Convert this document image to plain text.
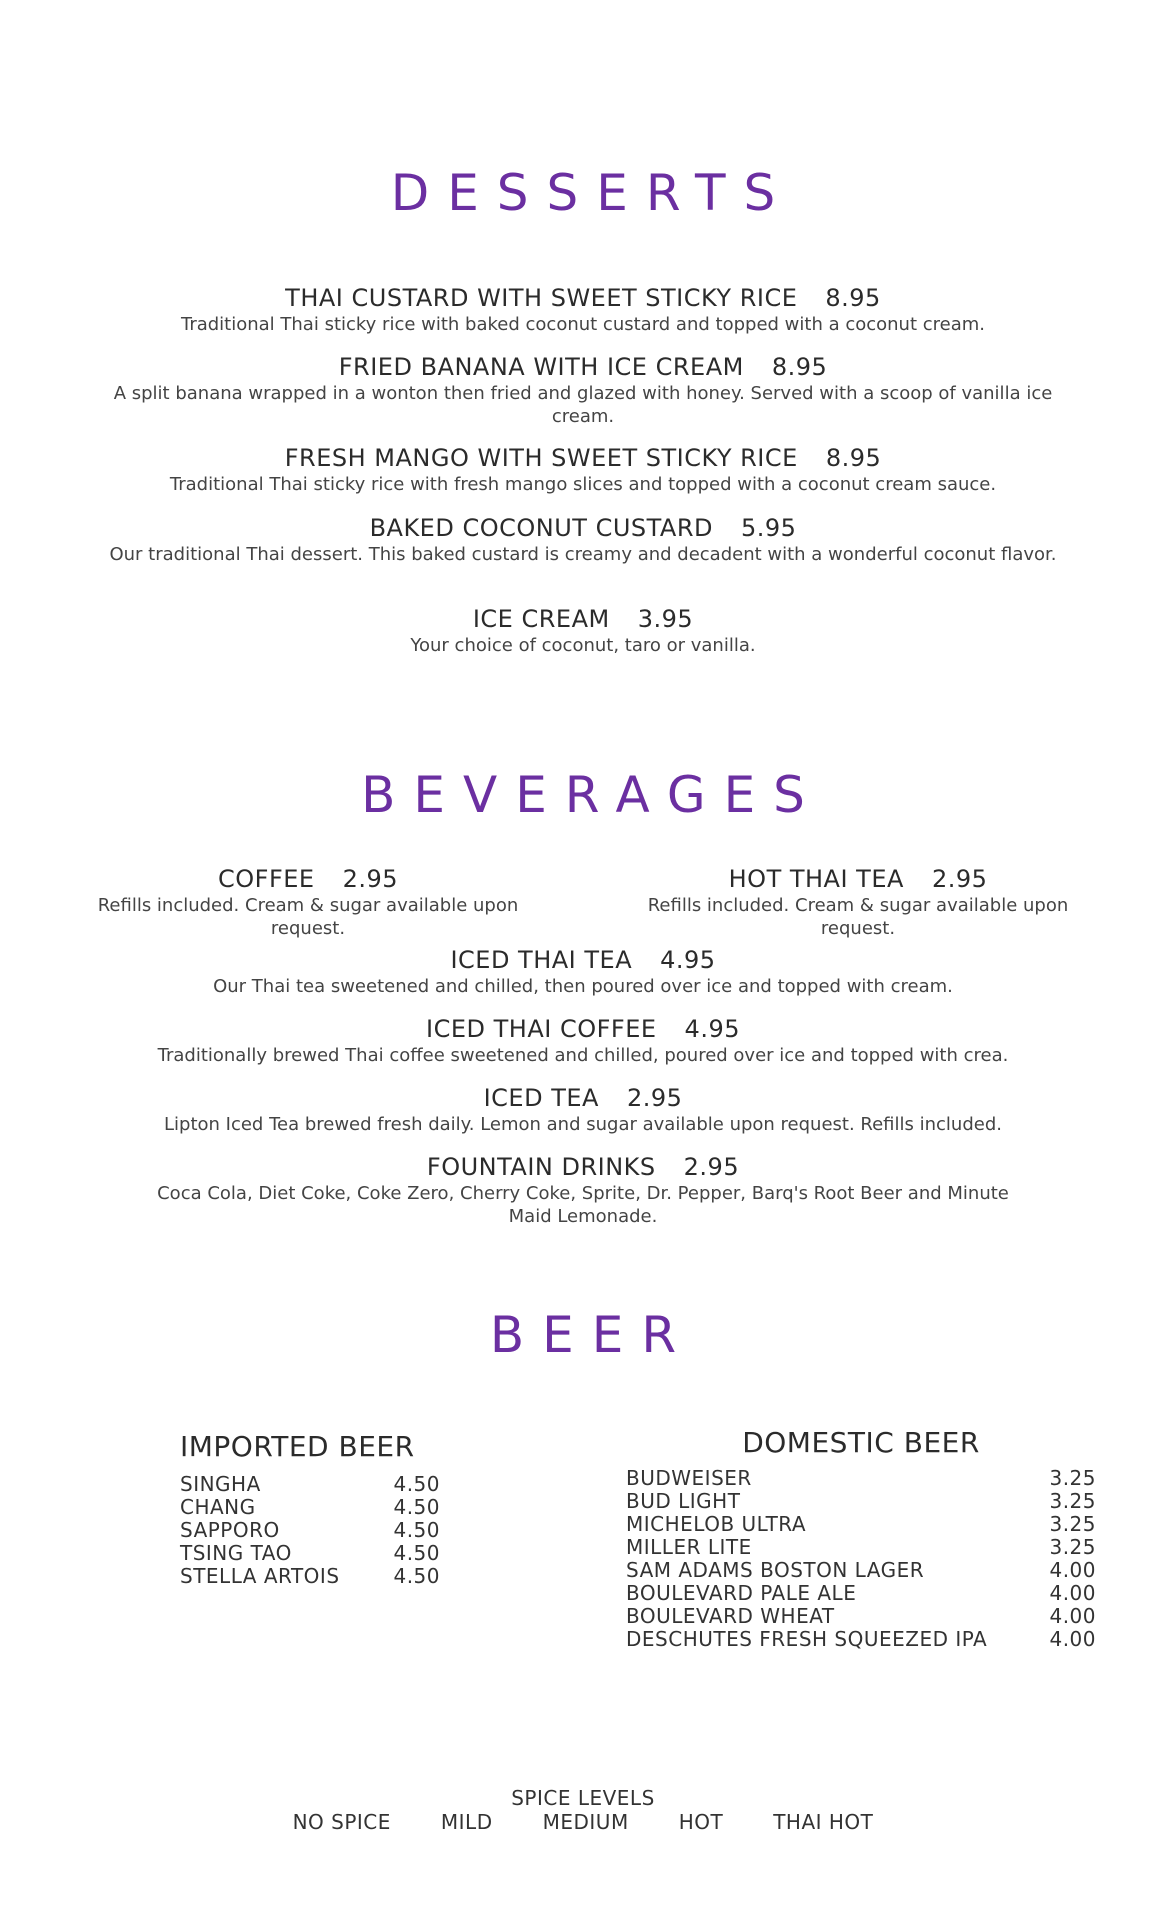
DESSERTS
THAI CUSTARD WITH SWEET STICKY RICE 8.95
Traditional Thai sticky rice with baked coconut custard and topped with a coconut cream.
FRIED BANANA WITH ICE CREAM 8.95
A split banana wrapped in a wonton then fried and glazed with honey. Served with a scoop of vanilla ice cream.
FRESH MANGO WITH SWEET STICKY RICE 8.95
Traditional Thai sticky rice with fresh mango slices and topped with a coconut cream sauce.
BAKED COCONUT CUSTARD 5.95
Our traditional Thai dessert. This baked custard is creamy and decadent with a wonderful coconut flavor.
ICE CREAM 3.95
Your choice of coconut, taro or vanilla.
BEVERAGES
COFFEE 2.95
Refills included. Cream & sugar available upon request.
HOT THAI TEA 2.95
Refills included. Cream & sugar available upon request.
ICED THAI TEA 4.95
Our Thai tea sweetened and chilled, then poured over ice and topped with cream.
ICED THAI COFFEE 4.95
Traditionally brewed Thai coffee sweetened and chilled, poured over ice and topped with crea.
ICED TEA 2.95
Lipton Iced Tea brewed fresh daily. Lemon and sugar available upon request. Refills included.
FOUNTAIN DRINKS 2.95
Coca Cola, Diet Coke, Coke Zero, Cherry Coke, Sprite, Dr. Pepper, Barq's Root Beer and Minute Maid Lemonade.
BEER
IMPORTED BEER
SINGHA	4.50
CHANG	4.50
SAPPORO	4.50
TSING TAO	4.50
STELLA ARTOIS	4.50
DOMESTIC BEER
BUDWEISER	3.25
BUD LIGHT	3.25
MICHELOB ULTRA	3.25
MILLER LITE	3.25
SAM ADAMS BOSTON LAGER	4.00
BOULEVARD PALE ALE	4.00
BOULEVARD WHEAT	4.00
DESCHUTES FRESH SQUEEZED IPA	4.00
SPICE LEVELS
NO SPICE	MILD	MEDIUM	HOT	THAI HOT
